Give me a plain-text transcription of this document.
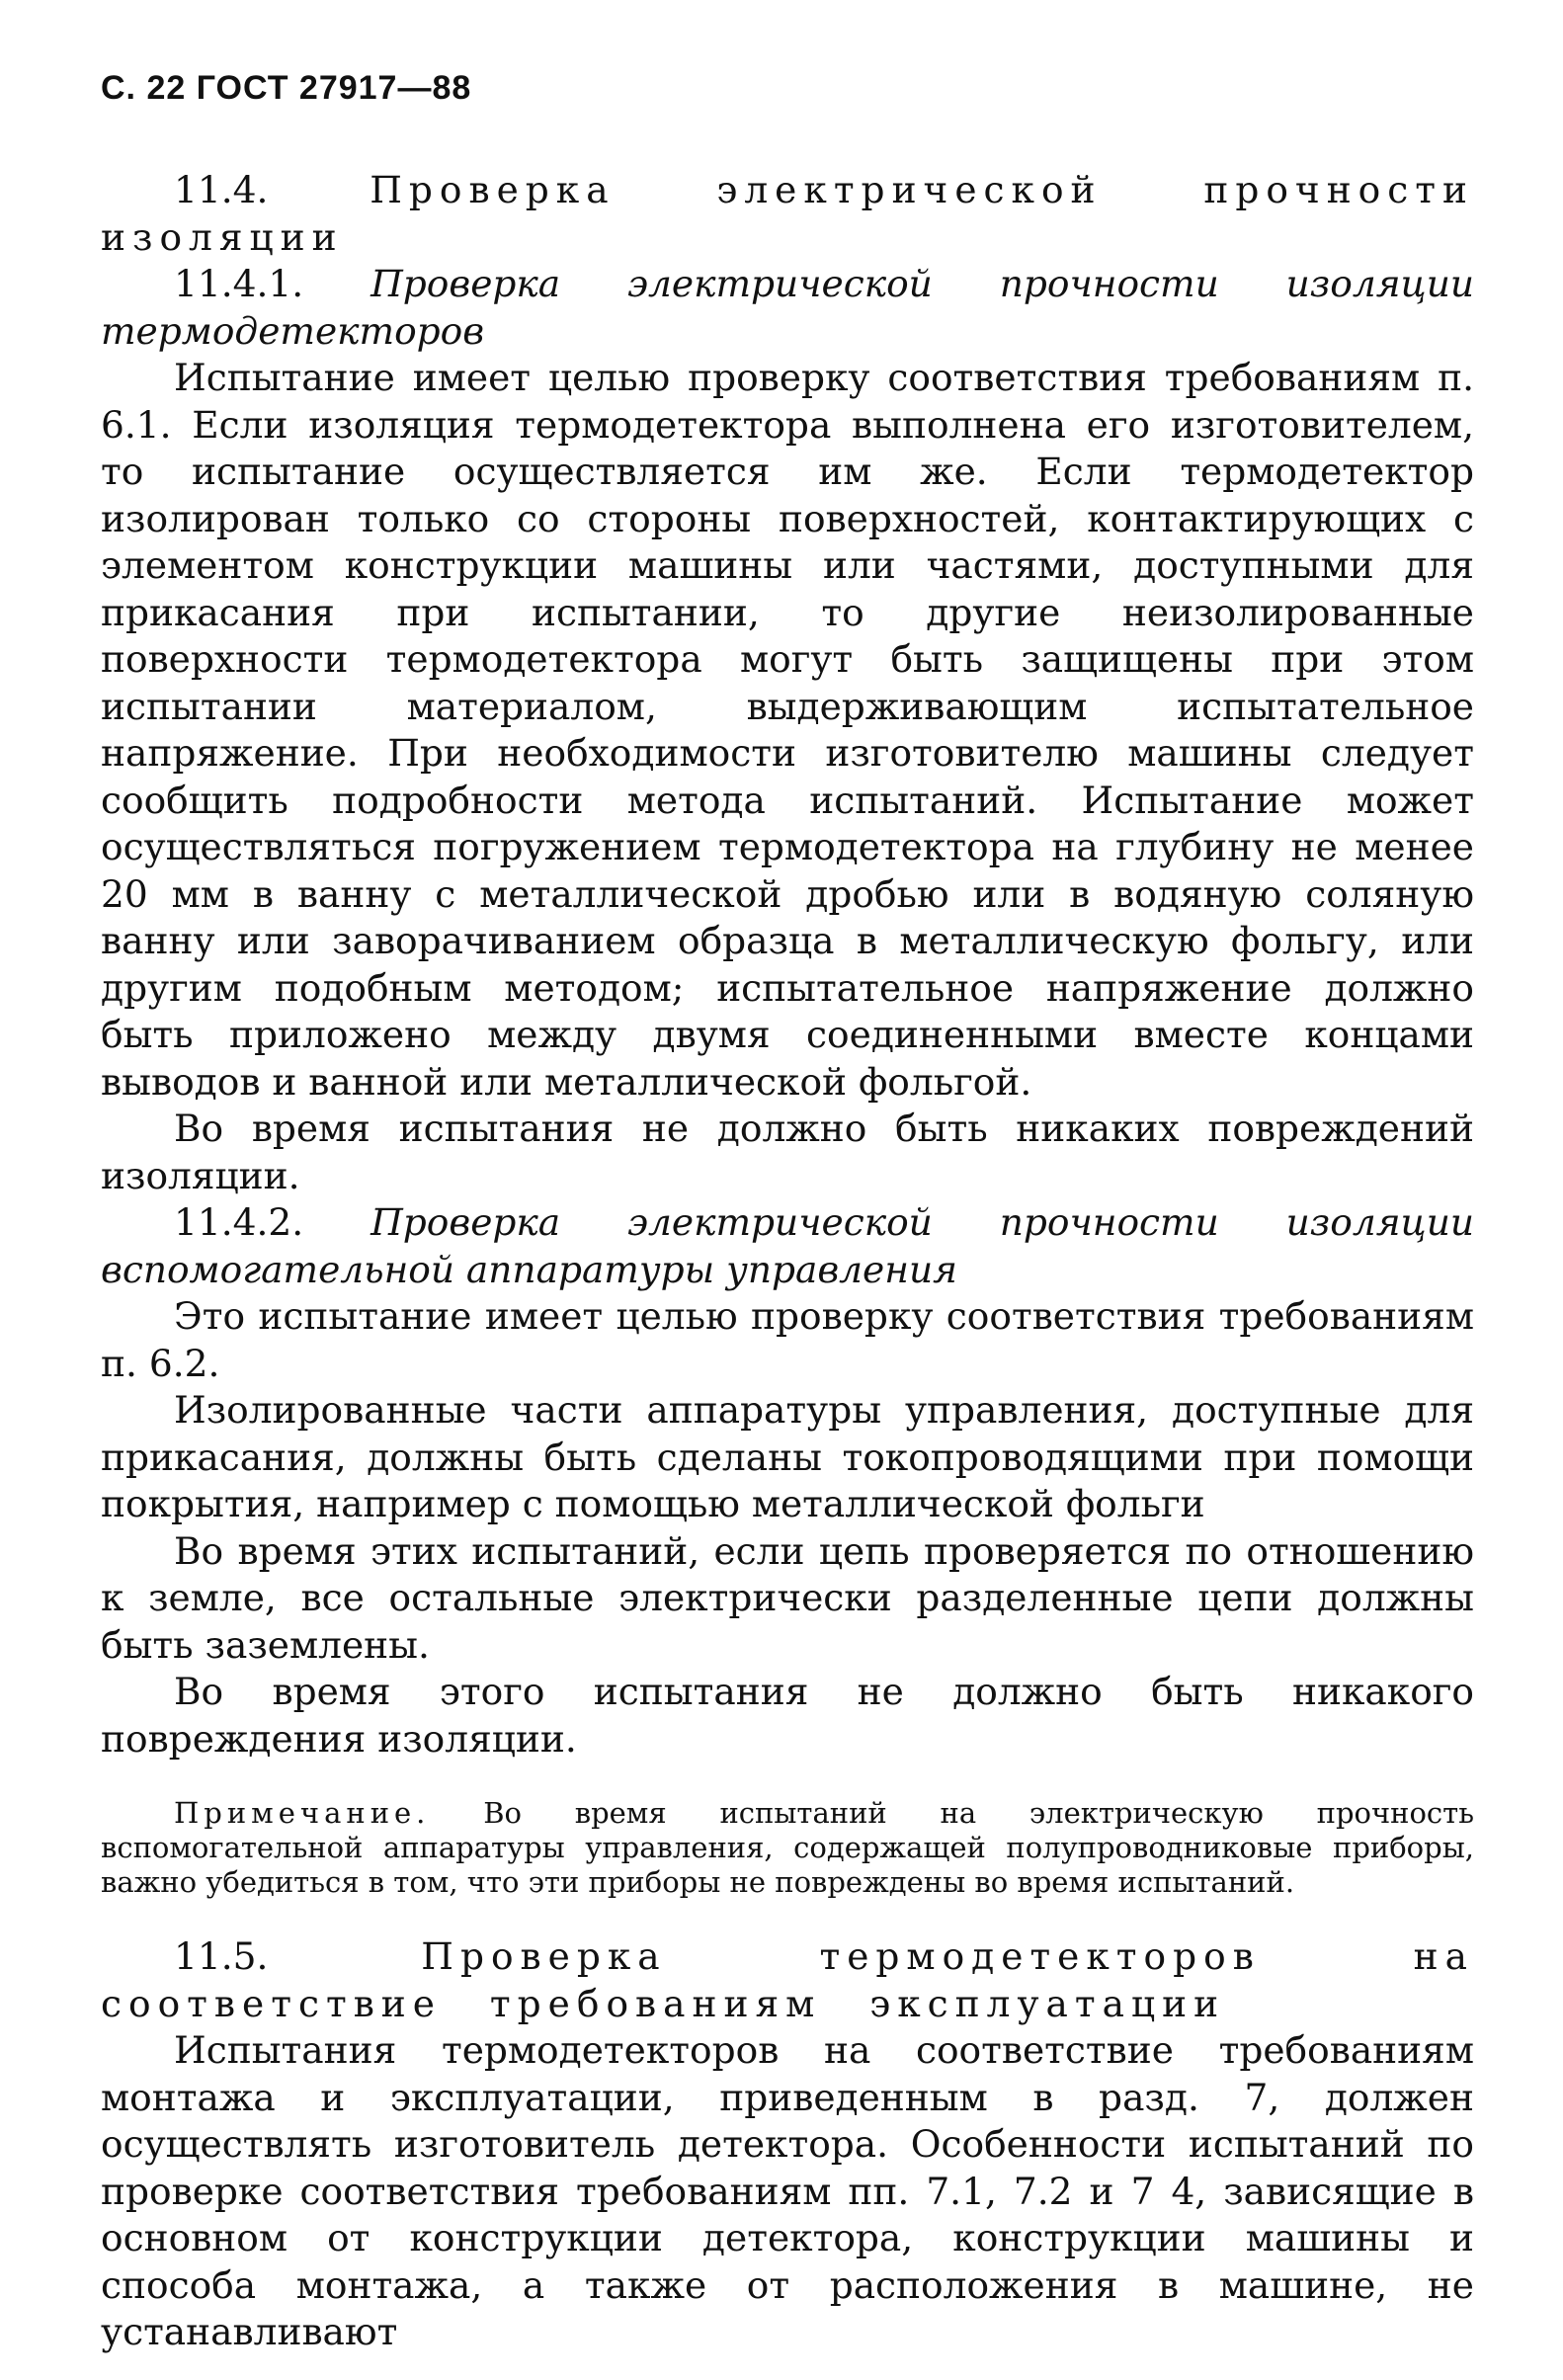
С. 22 ГОСТ 27917—88

11.4.	Проверка электрической прочности изоляции

11.4.1. Проверка электрической прочности изоляции термодетекторов

Испытание имеет целью проверку соответствия требованиям п. 6.1. Если изоляция термодетектора выполнена его изготовителем, то испытание осуществляется им же. Если термодетектор изолирован только со стороны поверхностей, контактирующих с элементом конструкции машины или частями, доступными для прикасания при испытании, то другие неизолированные поверхности термодетектора могут быть защищены при этом испытании материалом, выдерживающим испытательное напряжение. При необходимости изготовителю машины следует сообщить подробности метода испытаний. Испытание может осуществляться погружением термодетектора на глубину не менее 20 мм в ванну с металлической дробью или в водяную соляную ванну или заворачиванием образца в металлическую фольгу, или другим подобным методом; испытательное напряжение должно быть приложено между двумя соединенными вместе концами выводов и ванной или металлической фольгой.

Во время испытания не должно быть никаких повреждений изоляции.

11.4.2. Проверка электрической прочности изоляции вспомогательной аппаратуры управления

Это испытание имеет целью проверку соответствия требованиям п. 6.2.

Изолированные части аппаратуры управления, доступные для прикасания, должны быть сделаны токопроводящими при помощи покрытия, например с помощью металлической фольги

Во время этих испытаний, если цепь проверяется по отношению к земле, все остальные электрически разделенные цепи должны быть заземлены.

Во время этого испытания не должно быть никакого повреждения изоляции.

Примечание. Во время испытаний на электрическую прочность вспомогательной аппаратуры управления, содержащей полупроводниковые приборы, важно убедиться в том, что эти приборы не повреждены во время испытаний.

11.5.	Проверка термодетекторов на соответствие требованиям эксплуатации

Испытания термодетекторов на соответствие требованиям монтажа и эксплуатации, приведенным в разд. 7, должен осуществлять изготовитель детектора. Особенности испытаний по проверке соответствия требованиям пп. 7.1, 7.2 и 7 4, зависящие в основном от конструкции детектора, конструкции машины и способа монтажа, а также от расположения в машине, не устанавливают
